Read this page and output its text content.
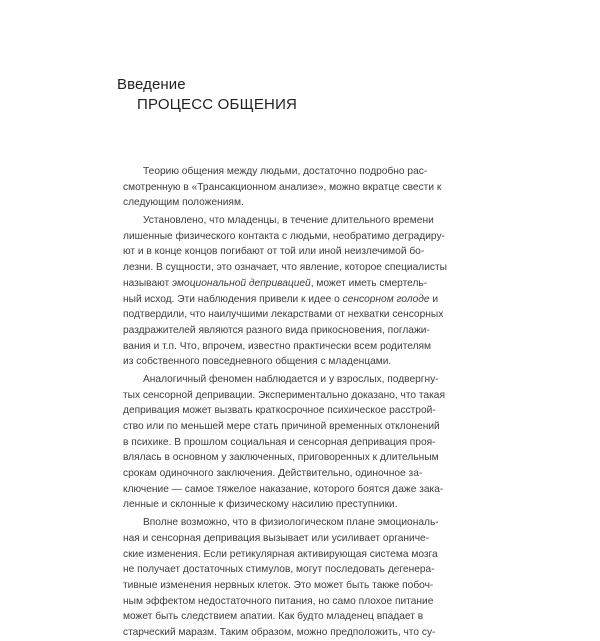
Введение
ПРОЦЕСС ОБЩЕНИЯ

Теорию общения между людьми, достаточно подробно рас-
смотренную в «Трансакционном анализе», можно вкратце свести к
следующим положениям.

Установлено, что младенцы, в течение длительного времени
лишенные физического контакта с людьми, необратимо деградиру-
ют и в конце концов погибают от той или иной неизлечимой бо-
лезни. В сущности, это означает, что явление, которое специалисты
называют эмоциональной депривацией, может иметь смертель-
ный исход. Эти наблюдения привели к идее о сенсорном голоде и
подтвердили, что наилучшими лекарствами от нехватки сенсорных
раздражителей являются разного вида прикосновения, поглажи-
вания и т.п. Что, впрочем, известно практически всем родителям
из собственного повседневного общения с младенцами.

Аналогичный феномен наблюдается и у взрослых, подвергну-
тых сенсорной депривации. Экспериментально доказано, что такая
депривация может вызвать краткосрочное психическое расстрой-
ство или по меньшей мере стать причиной временных отклонений
в психике. В прошлом социальная и сенсорная депривация проя-
влялась в основном у заключенных, приговоренных к длительным
срокам одиночного заключения. Действительно, одиночное за-
ключение — самое тяжелое наказание, которого боятся даже зака-
ленные и склонные к физическому насилию преступники.

Вполне возможно, что в физиологическом плане эмоциональ-
ная и сенсорная депривация вызывает или усиливает органиче-
ские изменения. Если ретикулярная активирующая система мозга
не получает достаточных стимулов, могут последовать дегенера-
тивные изменения нервных клеток. Это может быть также побоч-
ным эффектом недостаточного питания, но само плохое питание
может быть следствием апатии. Как будто младенец впадает в
старческий маразм. Таким образом, можно предположить, что су-
